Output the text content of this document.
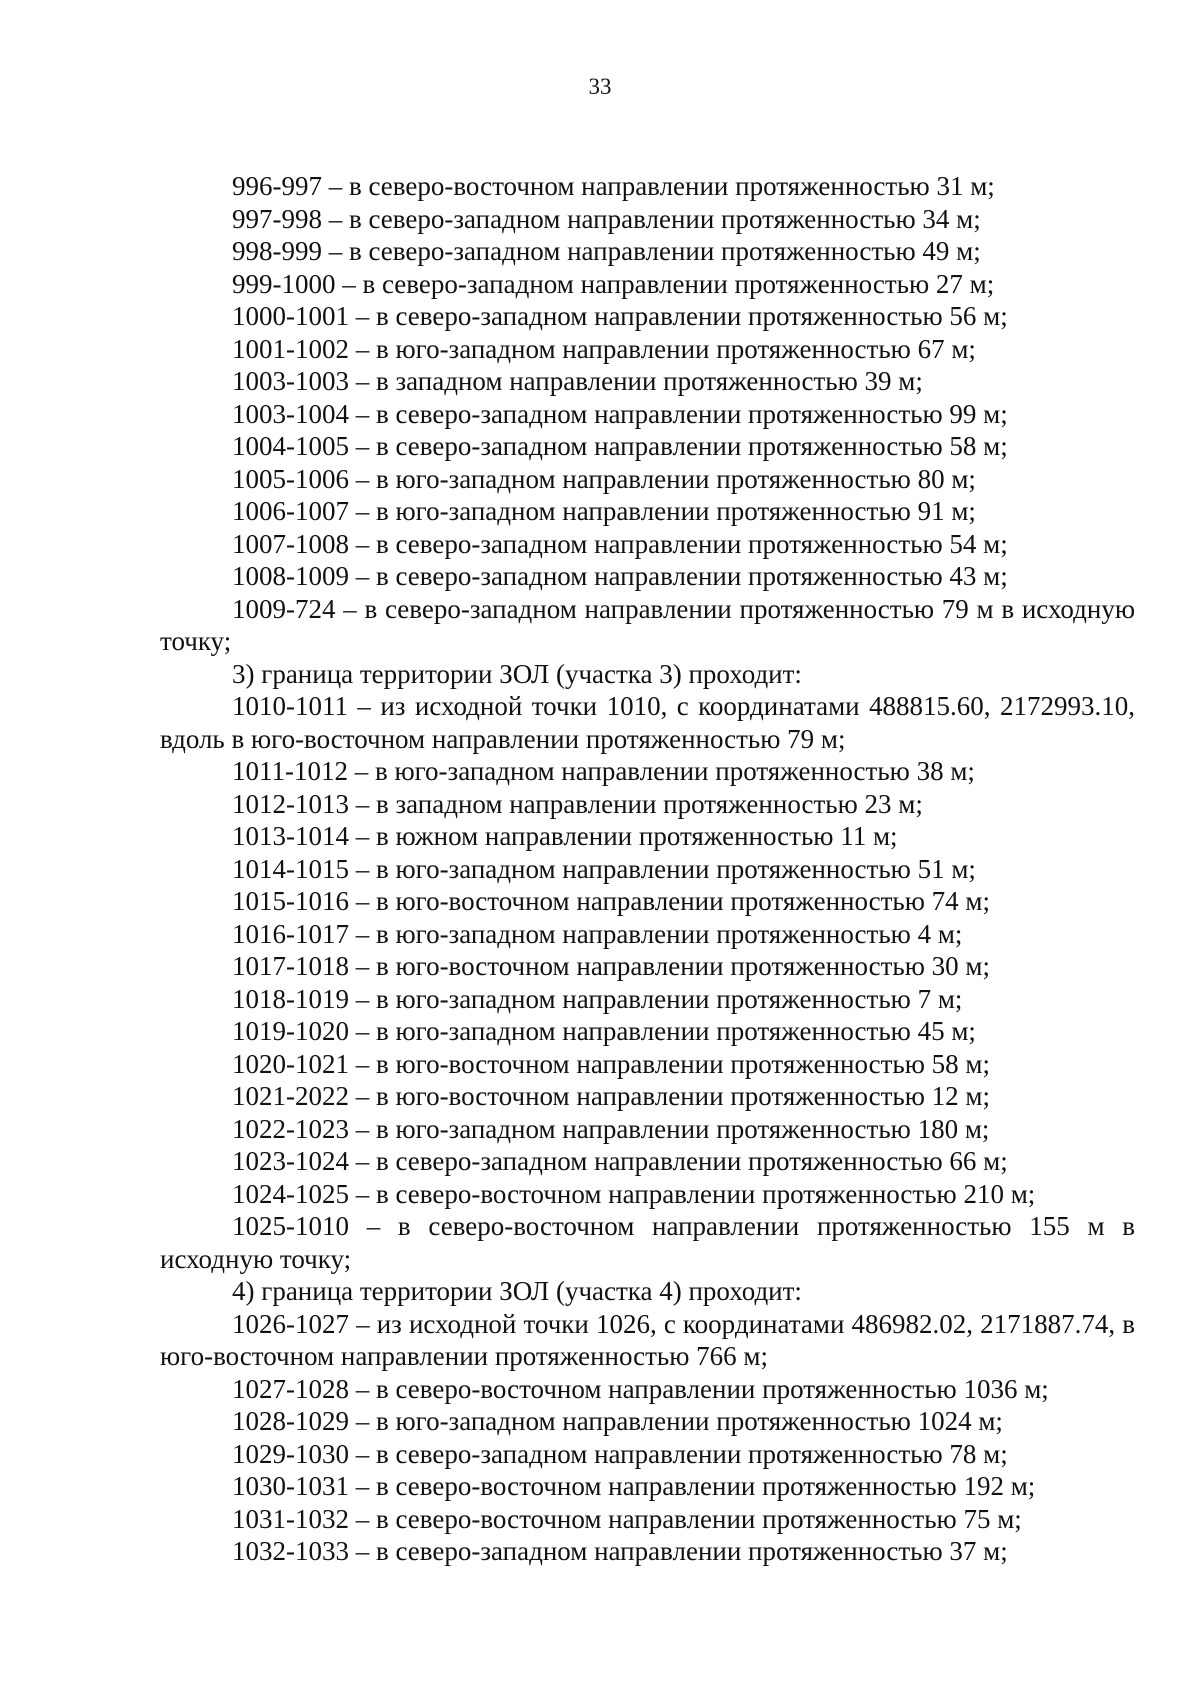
33

996-997 – в северо-восточном направлении протяженностью 31 м;

997-998 – в северо-западном направлении протяженностью 34 м;

998-999 – в северо-западном направлении протяженностью 49 м;

999-1000 – в северо-западном направлении протяженностью 27 м;

1000-1001 – в северо-западном направлении протяженностью 56 м;

1001-1002 – в юго-западном направлении протяженностью 67 м;

1003-1003 – в западном направлении протяженностью 39 м;

1003-1004 – в северо-западном направлении протяженностью 99 м;

1004-1005 – в северо-западном направлении протяженностью 58 м;

1005-1006 – в юго-западном направлении протяженностью 80 м;

1006-1007 – в юго-западном направлении протяженностью 91 м;

1007-1008 – в северо-западном направлении протяженностью 54 м;

1008-1009 – в северо-западном направлении протяженностью 43 м;

1009-724 – в северо-западном направлении протяженностью 79 м в исходную точку;

3) граница территории ЗОЛ (участка 3) проходит:

1010-1011 – из исходной точки 1010, с координатами 488815.60, 2172993.10, вдоль в юго-восточном направлении протяженностью 79 м;

1011-1012 – в юго-западном направлении протяженностью 38 м;

1012-1013 – в западном направлении протяженностью 23 м;

1013-1014 – в южном направлении протяженностью 11 м;

1014-1015 – в юго-западном направлении протяженностью 51 м;

1015-1016 – в юго-восточном направлении протяженностью 74 м;

1016-1017 – в юго-западном направлении протяженностью 4 м;

1017-1018 – в юго-восточном направлении протяженностью 30 м;

1018-1019 – в юго-западном направлении протяженностью 7 м;

1019-1020 – в юго-западном направлении протяженностью 45 м;

1020-1021 – в юго-восточном направлении протяженностью 58 м;

1021-2022 – в юго-восточном направлении протяженностью 12 м;

1022-1023 – в юго-западном направлении протяженностью 180 м;

1023-1024 – в северо-западном направлении протяженностью 66 м;

1024-1025 – в северо-восточном направлении протяженностью 210 м;

1025-1010 – в северо-восточном направлении протяженностью 155 м в исходную точку;

4) граница территории ЗОЛ (участка 4) проходит:

1026-1027 – из исходной точки 1026, с координатами 486982.02, 2171887.74, в юго-восточном направлении протяженностью 766 м;

1027-1028 – в северо-восточном направлении протяженностью 1036 м;

1028-1029 – в юго-западном направлении протяженностью 1024 м;

1029-1030 – в северо-западном направлении протяженностью 78 м;

1030-1031 – в северо-восточном направлении протяженностью 192 м;

1031-1032 – в северо-восточном направлении протяженностью 75 м;

1032-1033 – в северо-западном направлении протяженностью 37 м;
